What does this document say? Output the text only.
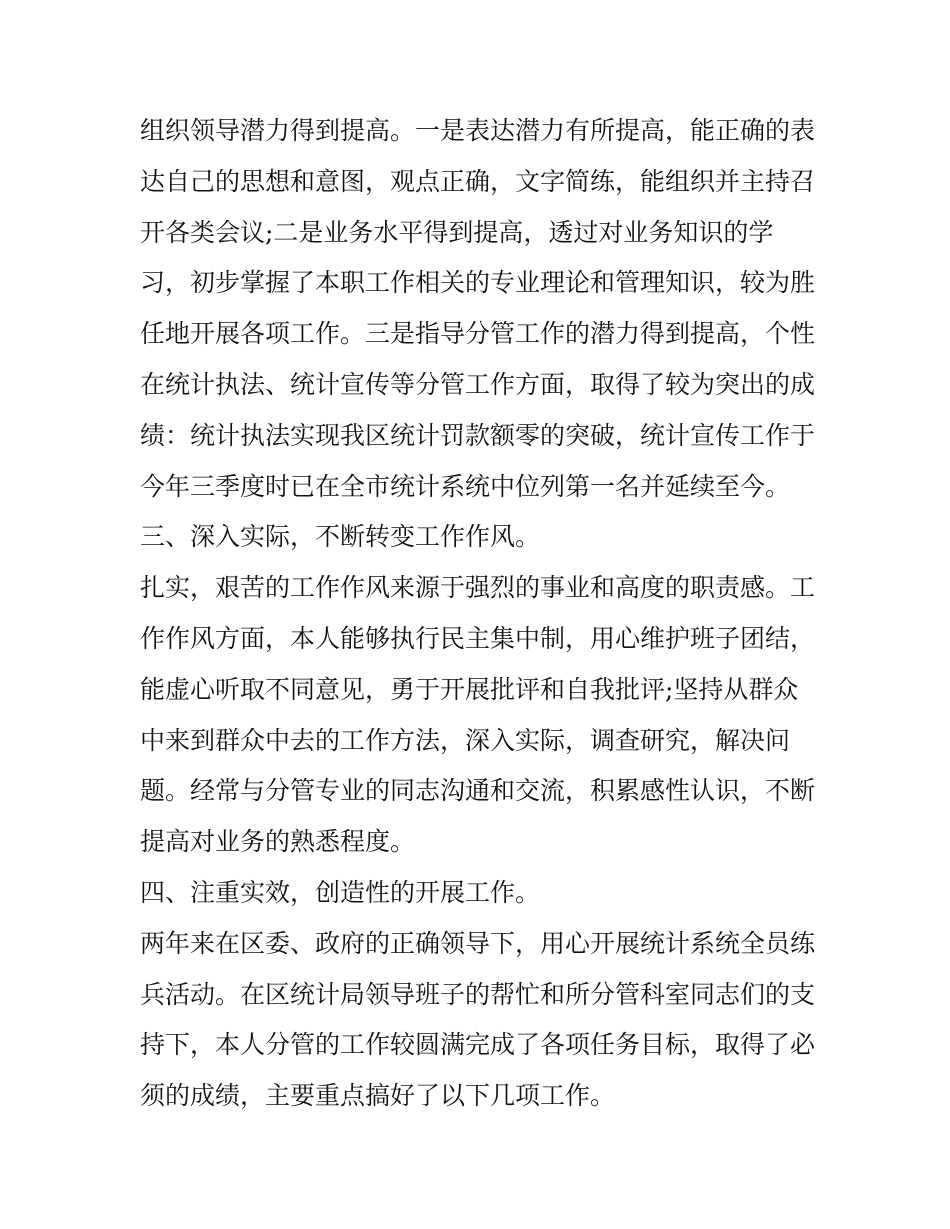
组织领导潜力得到提高。一是表达潜力有所提高，能正确的表
达自己的思想和意图，观点正确，文字简练，能组织并主持召
开各类会议;二是业务水平得到提高，透过对业务知识的学
习，初步掌握了本职工作相关的专业理论和管理知识，较为胜
任地开展各项工作。三是指导分管工作的潜力得到提高，个性
在统计执法、统计宣传等分管工作方面，取得了较为突出的成
绩：统计执法实现我区统计罚款额零的突破，统计宣传工作于
今年三季度时已在全市统计系统中位列第一名并延续至今。
三、深入实际，不断转变工作作风。
扎实，艰苦的工作作风来源于强烈的事业和高度的职责感。工
作作风方面，本人能够执行民主集中制，用心维护班子团结，
能虚心听取不同意见，勇于开展批评和自我批评;坚持从群众
中来到群众中去的工作方法，深入实际，调查研究，解决问
题。经常与分管专业的同志沟通和交流，积累感性认识，不断
提高对业务的熟悉程度。
四、注重实效，创造性的开展工作。
两年来在区委、政府的正确领导下，用心开展统计系统全员练
兵活动。在区统计局领导班子的帮忙和所分管科室同志们的支
持下，本人分管的工作较圆满完成了各项任务目标，取得了必
须的成绩，主要重点搞好了以下几项工作。
